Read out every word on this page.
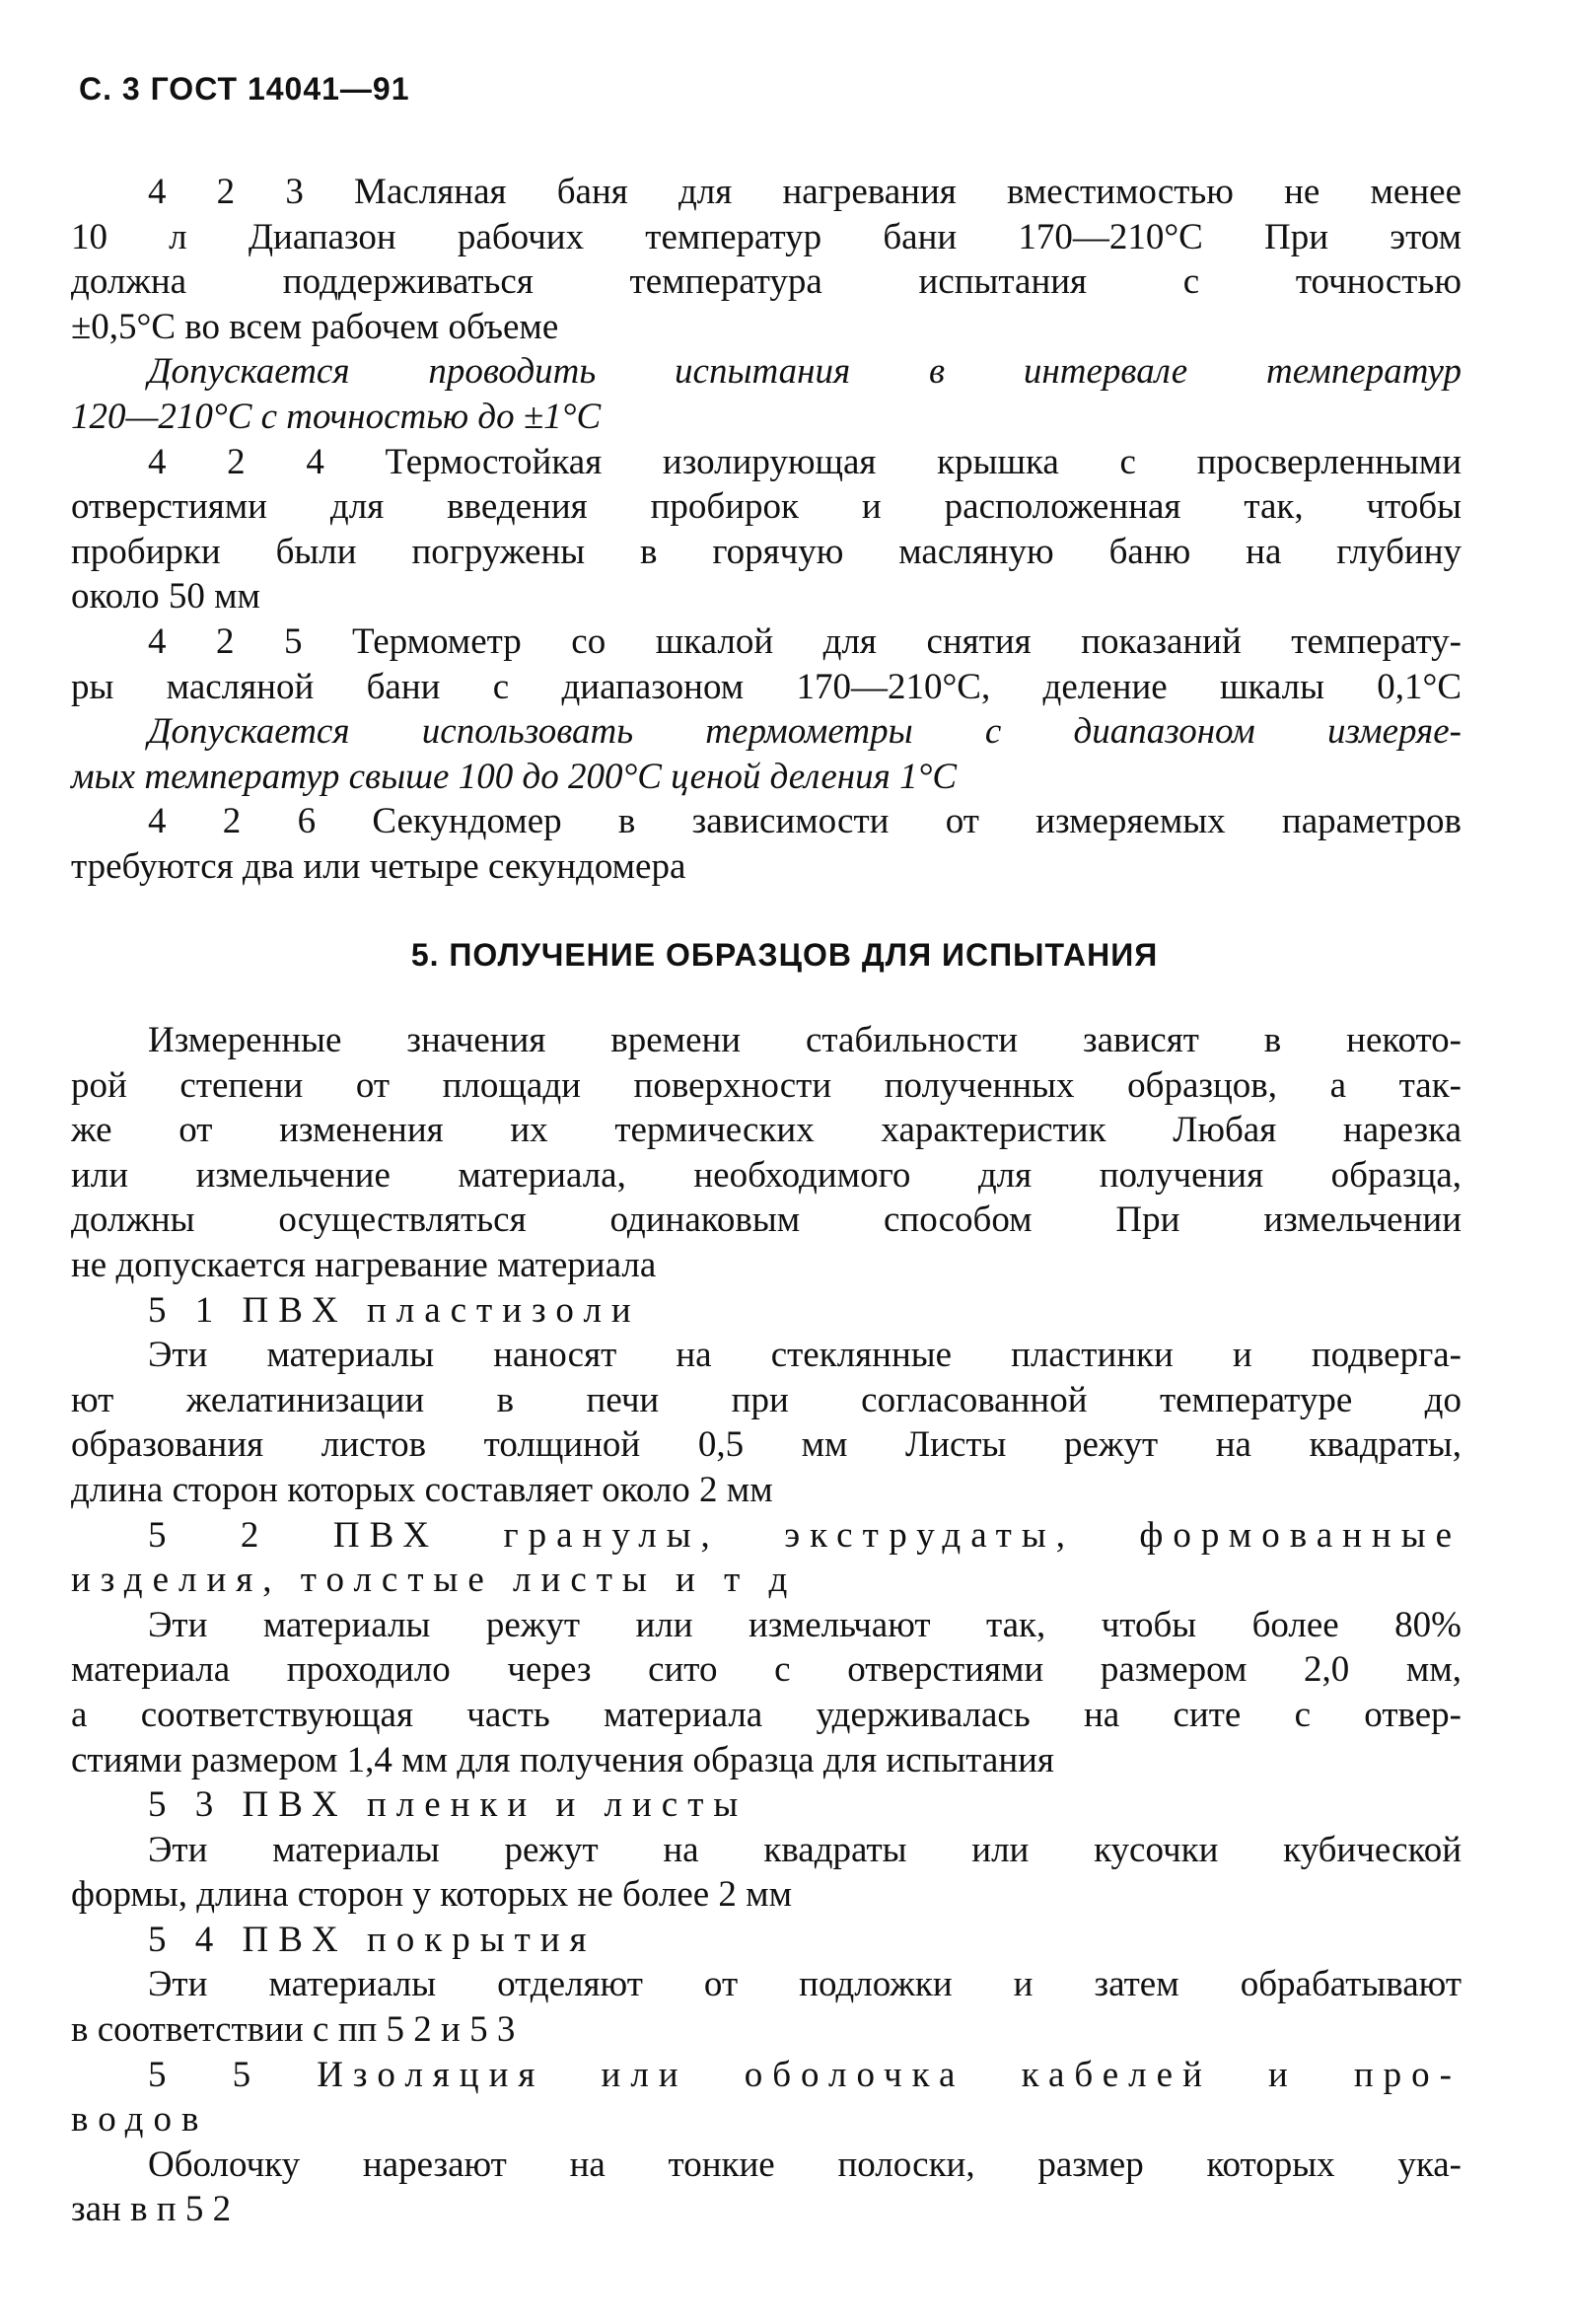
С. 3 ГОСТ 14041—91
4 2 3 Масляная баня для нагревания вместимостью не менее
10 л Диапазон рабочих температур бани 170—210°С При этом
должна поддерживаться температура испытания с точностью
±0,5°С во всем рабочем объеме
Допускается проводить испытания в интервале температур
120—210°С с точностью до ±1°С
4 2 4 Термостойкая изолирующая крышка с просверленными
отверстиями для введения пробирок и расположенная так, чтобы
пробирки были погружены в горячую масляную баню на глубину
около 50 мм
4 2 5 Термометр со шкалой для снятия показаний температу-
ры масляной бани с диапазоном 170—210°С, деление шкалы 0,1°С
Допускается использовать термометры с диапазоном измеряе-
мых температур свыше 100 до 200°С ценой деления 1°С
4 2 6 Секундомер в зависимости от измеряемых параметров
требуются два или четыре секундомера
5. ПОЛУЧЕНИЕ ОБРАЗЦОВ ДЛЯ ИСПЫТАНИЯ
Измеренные значения времени стабильности зависят в некото-
рой степени от площади поверхности полученных образцов, а так-
же от изменения их термических характеристик Любая нарезка
или измельчение материала, необходимого для получения образца,
должны осуществляться одинаковым способом При измельчении
не допускается нагревание материала
5 1 ПВХ пластизоли
Эти материалы наносят на стеклянные пластинки и подверга-
ют желатинизации в печи при согласованной температуре до
образования листов толщиной 0,5 мм Листы режут на квадраты,
длина сторон которых составляет около 2 мм
5 2 ПВХ гранулы, экструдаты, формованные
изделия, толстые листы и т д
Эти материалы режут или измельчают так, чтобы более 80%
материала проходило через сито с отверстиями размером 2,0 мм,
а соответствующая часть материала удерживалась на сите с отвер-
стиями размером 1,4 мм для получения образца для испытания
5 3 ПВХ пленки и листы
Эти материалы режут на квадраты или кусочки кубической
формы, длина сторон у которых не более 2 мм
5 4 ПВХ покрытия
Эти материалы отделяют от подложки и затем обрабатывают
в соответствии с пп 5 2 и 5 3
5 5 Изоляция или оболочка кабелей и про-
водов
Оболочку нарезают на тонкие полоски, размер которых ука-
зан в п 5 2
